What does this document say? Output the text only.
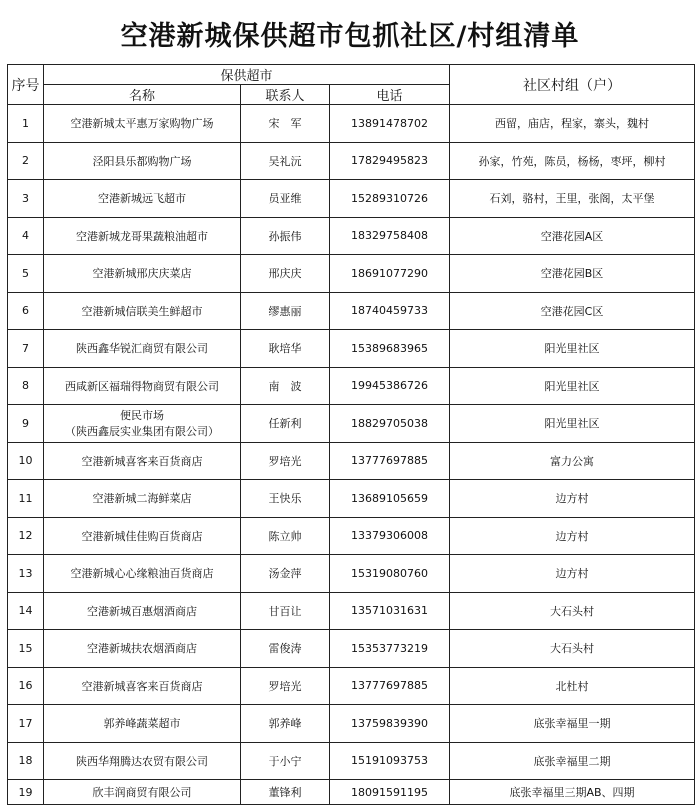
空港新城保供超市包抓社区/村组清单
序号	保供超市			社区村组（户）
	名称	联系人	电话	
1	空港新城太平惠万家购物广场	宋　军	13891478702	西留，庙店，程家，寨头，魏村
2	泾阳县乐都购物广场	吴礼沅	17829495823	孙家，竹苑，陈员，杨杨，枣坪，柳村
3	空港新城远飞超市	员亚维	15289310726	石刘，骆村，王里，张阁，太平堡
4	空港新城龙哥果蔬粮油超市	孙振伟	18329758408	空港花园A区
5	空港新城邢庆庆菜店	邢庆庆	18691077290	空港花园B区
6	空港新城信联美生鲜超市	缪惠丽	18740459733	空港花园C区
7	陕西鑫华锐汇商贸有限公司	耿培华	15389683965	阳光里社区
8	西咸新区福瑞得物商贸有限公司	南　波	19945386726	阳光里社区
9	便民市场
（陕西鑫辰实业集团有限公司）	任新利	18829705038	阳光里社区
10	空港新城喜客来百货商店	罗培光	13777697885	富力公寓
11	空港新城二海鲜菜店	王快乐	13689105659	边方村
12	空港新城佳佳购百货商店	陈立帅	13379306008	边方村
13	空港新城心心缘粮油百货商店	汤金萍	15319080760	边方村
14	空港新城百惠烟酒商店	甘百让	13571031631	大石头村
15	空港新城扶农烟酒商店	雷俊涛	15353773219	大石头村
16	空港新城喜客来百货商店	罗培光	13777697885	北杜村
17	郭养峰蔬菜超市	郭养峰	13759839390	底张幸福里一期
18	陕西华翔腾达农贸有限公司	于小宁	15191093753	底张幸福里二期
19	欣丰润商贸有限公司	董锋利	18091591195	底张幸福里三期AB、四期
